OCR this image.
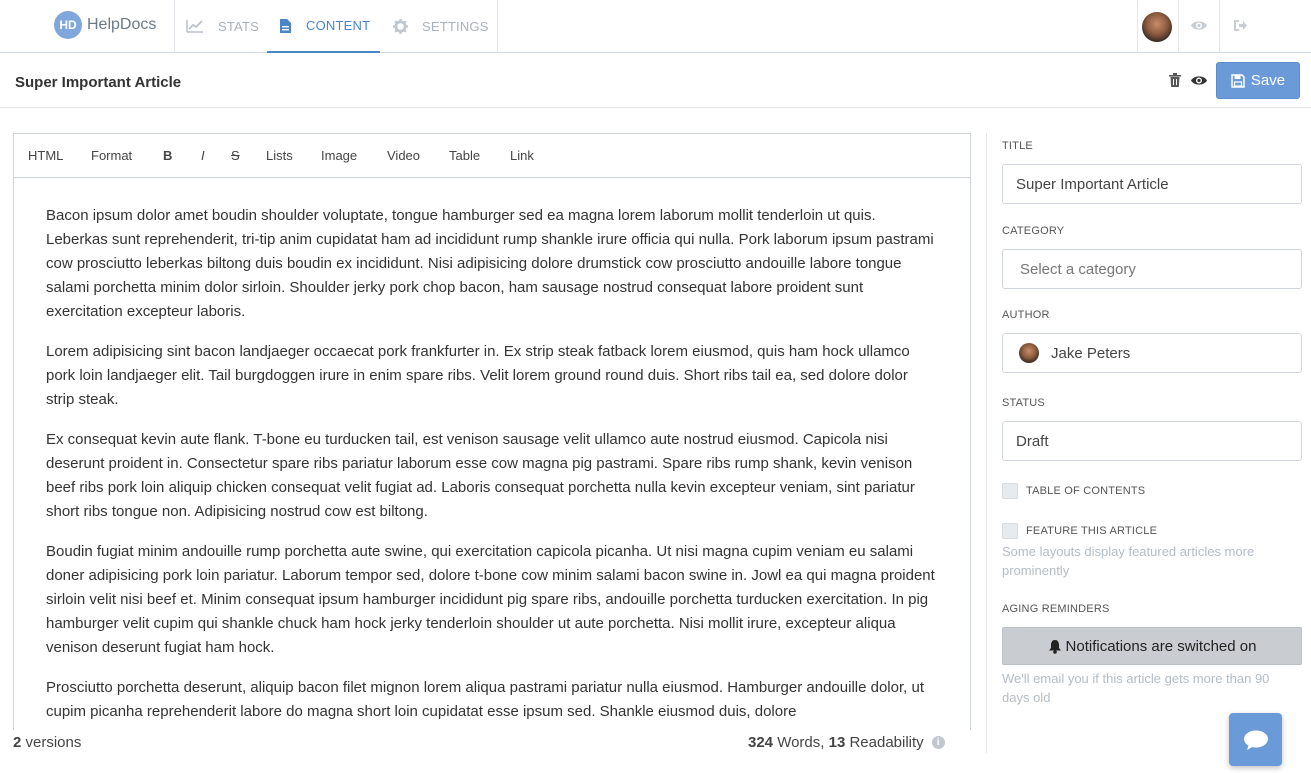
HD HelpDocs	STATS	CONTENT	SETTINGS
Super Important Article	Save
HTML Format B I S Lists Image Video Table Link

Bacon ipsum dolor amet boudin shoulder voluptate, tongue hamburger sed ea magna lorem laborum mollit tenderloin ut quis. Leberkas sunt reprehenderit, tri-tip anim cupidatat ham ad incididunt rump shankle irure officia qui nulla. Pork laborum ipsum pastrami cow prosciutto leberkas biltong duis boudin ex incididunt. Nisi adipisicing dolore drumstick cow prosciutto andouille labore tongue salami porchetta minim dolor sirloin. Shoulder jerky pork chop bacon, ham sausage nostrud consequat labore proident sunt exercitation excepteur laboris.

Lorem adipisicing sint bacon landjaeger occaecat pork frankfurter in. Ex strip steak fatback lorem eiusmod, quis ham hock ullamco pork loin landjaeger elit. Tail burgdoggen irure in enim spare ribs. Velit lorem ground round duis. Short ribs tail ea, sed dolore dolor strip steak.

Ex consequat kevin aute flank. T-bone eu turducken tail, est venison sausage velit ullamco aute nostrud eiusmod. Capicola nisi deserunt proident in. Consectetur spare ribs pariatur laborum esse cow magna pig pastrami. Spare ribs rump shank, kevin venison beef ribs pork loin aliquip chicken consequat velit fugiat ad. Laboris consequat porchetta nulla kevin excepteur veniam, sint pariatur short ribs tongue non. Adipisicing nostrud cow est biltong.

Boudin fugiat minim andouille rump porchetta aute swine, qui exercitation capicola picanha. Ut nisi magna cupim veniam eu salami doner adipisicing pork loin pariatur. Laborum tempor sed, dolore t-bone cow minim salami bacon swine in. Jowl ea qui magna proident sirloin velit nisi beef et. Minim consequat ipsum hamburger incididunt pig spare ribs, andouille porchetta turducken exercitation. In pig hamburger velit cupim qui shankle chuck ham hock jerky tenderloin shoulder ut aute porchetta. Nisi mollit irure, excepteur aliqua venison deserunt fugiat ham hock.

Prosciutto porchetta deserunt, aliquip bacon filet mignon lorem aliqua pastrami pariatur nulla eiusmod. Hamburger andouille dolor, ut cupim picanha reprehenderit labore do magna short loin cupidatat esse ipsum sed. Shankle eiusmod duis, dolore

2 versions	324 Words, 13 Readability	i
TITLE
Super Important Article
CATEGORY
Select a category
AUTHOR
Jake Peters
STATUS
Draft
TABLE OF CONTENTS
FEATURE THIS ARTICLE
Some layouts display featured articles more prominently
AGING REMINDERS
Notifications are switched on
We'll email you if this article gets more than 90 days old
